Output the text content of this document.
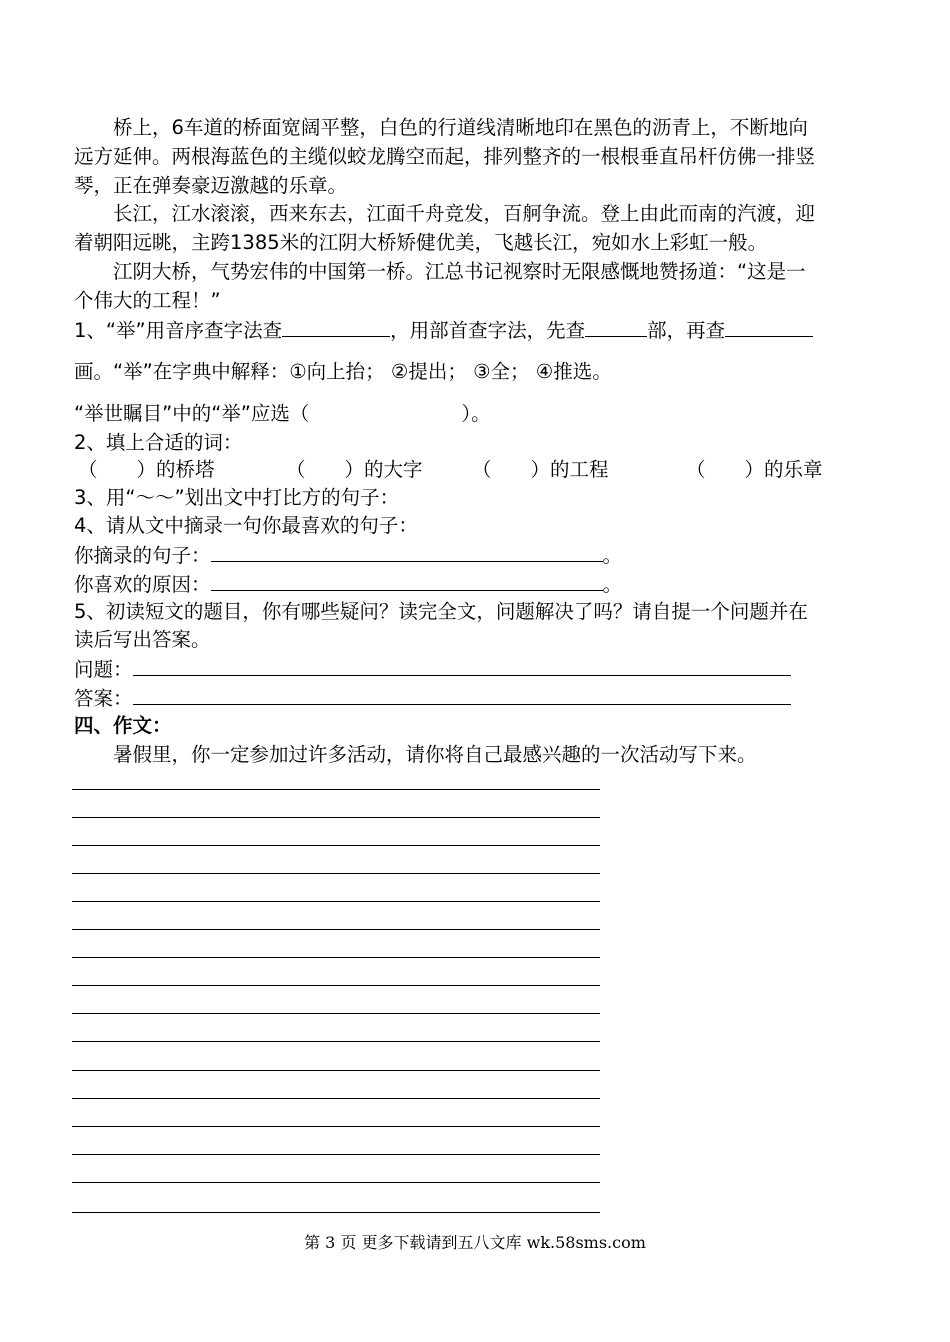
　　桥上，6车道的桥面宽阔平整，白色的行道线清晰地印在黑色的沥青上，不断地向
远方延伸。两根海蓝色的主缆似蛟龙腾空而起，排列整齐的一根根垂直吊杆仿佛一排竖
琴，正在弹奏豪迈激越的乐章。
　　长江，江水滚滚，西来东去，江面千舟竞发，百舸争流。登上由此而南的汽渡，迎
着朝阳远眺，主跨1385米的江阴大桥矫健优美，飞越长江，宛如水上彩虹一般。
　　江阴大桥，气势宏伟的中国第一桥。江总书记视察时无限感慨地赞扬道：“这是一
个伟大的工程！”
1、“举”用音序查字法查	，用部首查字法，先查	部，再查
画。“举”在字典中解释：①向上抬； ②提出； ③全； ④推选。
“举世瞩目”中的“举”应选（	）。
2、填上合适的词：
（　　）的桥塔	（　　）的大字	（　　）的工程	（　　）的乐章
3、用“～～”划出文中打比方的句子：
4、请从文中摘录一句你最喜欢的句子：
你摘录的句子：	。
你喜欢的原因：	。
5、初读短文的题目，你有哪些疑问？读完全文，问题解决了吗？请自提一个问题并在
读后写出答案。
问题：
答案：
四、作文：
　　暑假里，你一定参加过许多活动，请你将自己最感兴趣的一次活动写下来。
第 3 页 更多下载请到五八文库 wk.58sms.com
